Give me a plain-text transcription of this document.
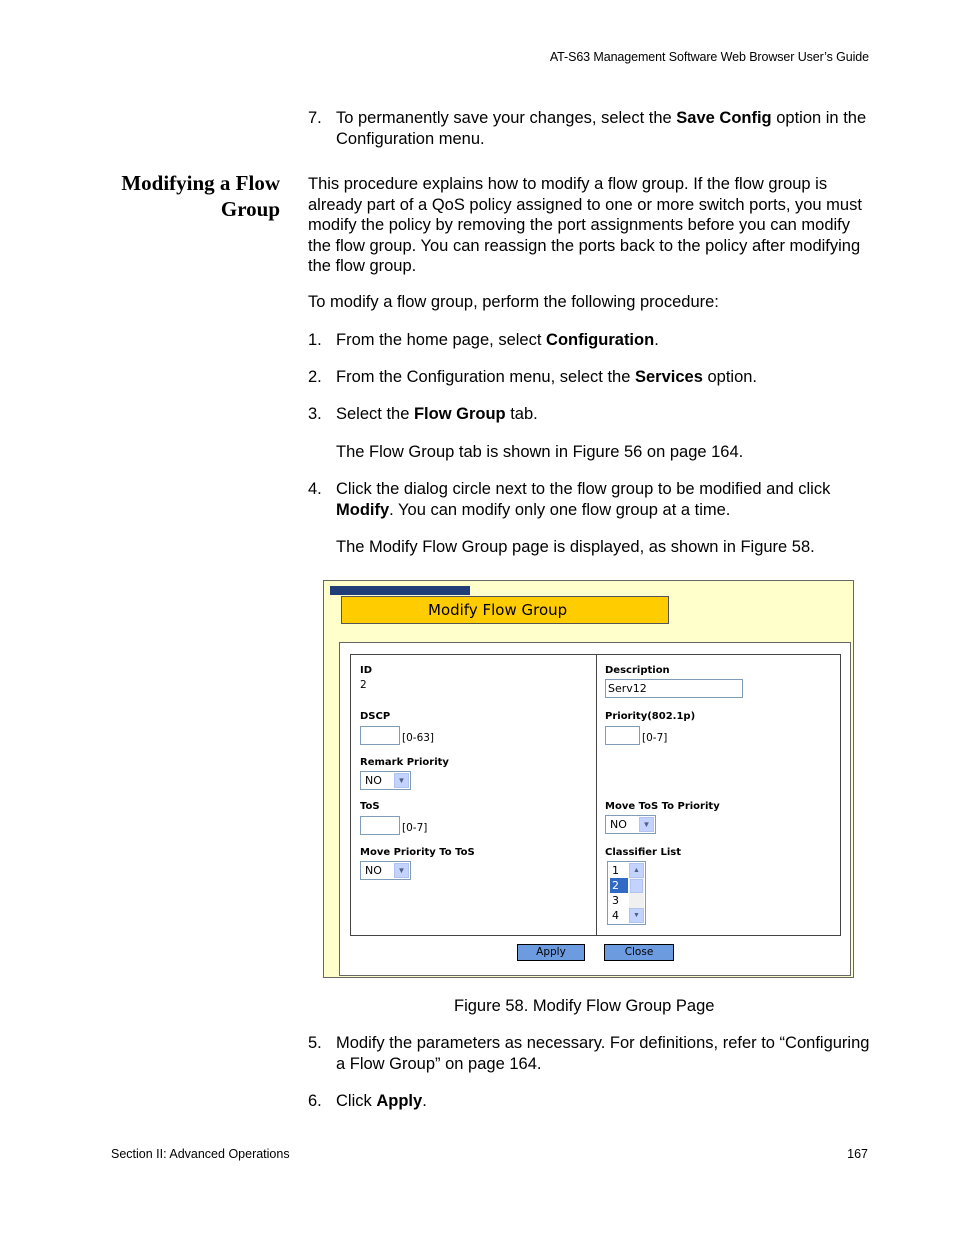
AT-S63 Management Software Web Browser User’s Guide
7. To permanently save your changes, select the Save Config option in the Configuration menu.
Modifying a Flow
Group

This procedure explains how to modify a flow group. If the flow group is already part of a QoS policy assigned to one or more switch ports, you must modify the policy by removing the port assignments before you can modify the flow group. You can reassign the ports back to the policy after modifying the flow group.

To modify a flow group, perform the following procedure:

1. From the home page, select Configuration.
2. From the Configuration menu, select the Services option.
3. Select the Flow Group tab.
The Flow Group tab is shown in Figure 56 on page 164.
4. Click the dialog circle next to the flow group to be modified and click Modify. You can modify only one flow group at a time.
The Modify Flow Group page is displayed, as shown in Figure 58.
Modify Flow Group
ID
2
DSCP
[0-63]
Remark Priority
NO	▼
ToS
[0-7]
Move Priority To ToS
NO	▼
Description
Serv12
Priority(802.1p)
[0-7]
Move ToS To Priority
NO	▼
Classifier List
1
2
3
4
▲
▼
Apply	Close
Figure 58. Modify Flow Group Page
5. Modify the parameters as necessary. For definitions, refer to “Configuring a Flow Group” on page 164.
6. Click Apply.
Section II: Advanced Operations	167
